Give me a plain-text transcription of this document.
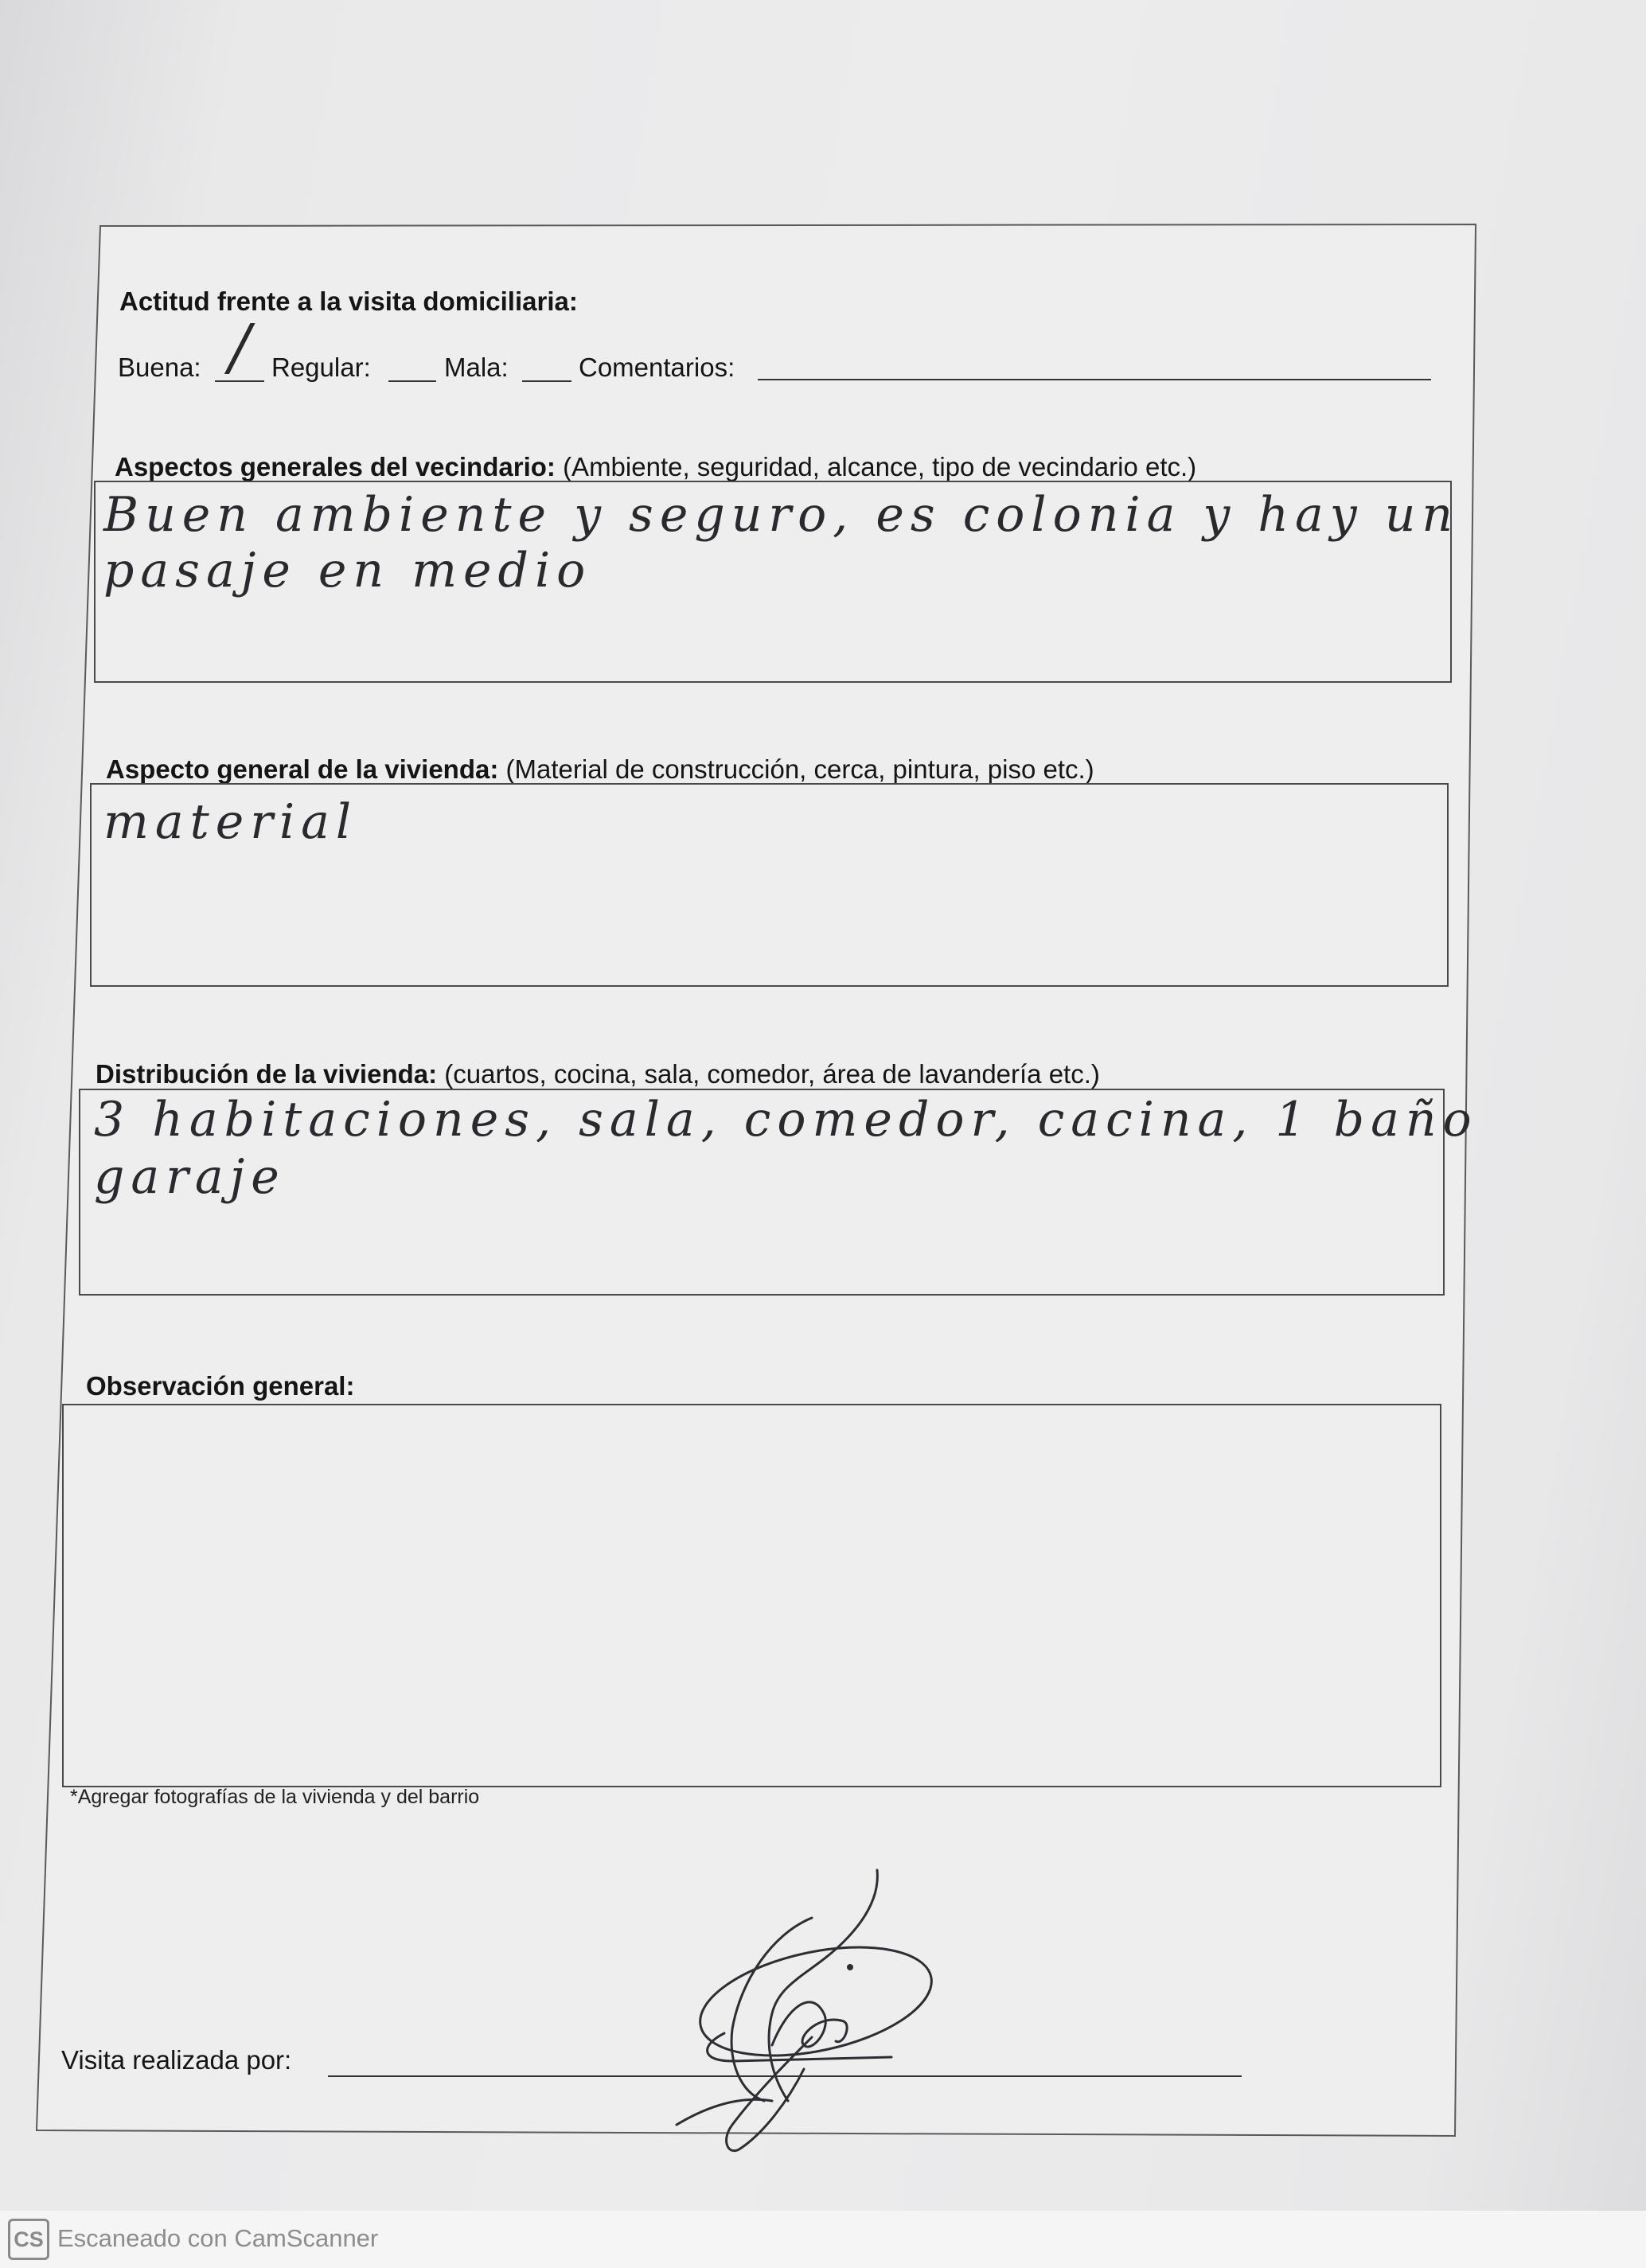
Actitud frente a la visita domiciliaria:
Buena: / Regular:	Mala:	Comentarios:
Aspectos generales del vecindario: (Ambiente, seguridad, alcance, tipo de vecindario etc.)
Buen ambiente y seguro, es colonia y hay un
pasaje en medio
Aspecto general de la vivienda: (Material de construcción, cerca, pintura, piso etc.)
material
Distribución de la vivienda: (cuartos, cocina, sala, comedor, área de lavandería etc.)
3 habitaciones, sala, comedor, cacina, 1 baño
garaje
Observación general:
*Agregar fotografías de la vivienda y del barrio
Visita realizada por:
CS Escaneado con CamScanner
